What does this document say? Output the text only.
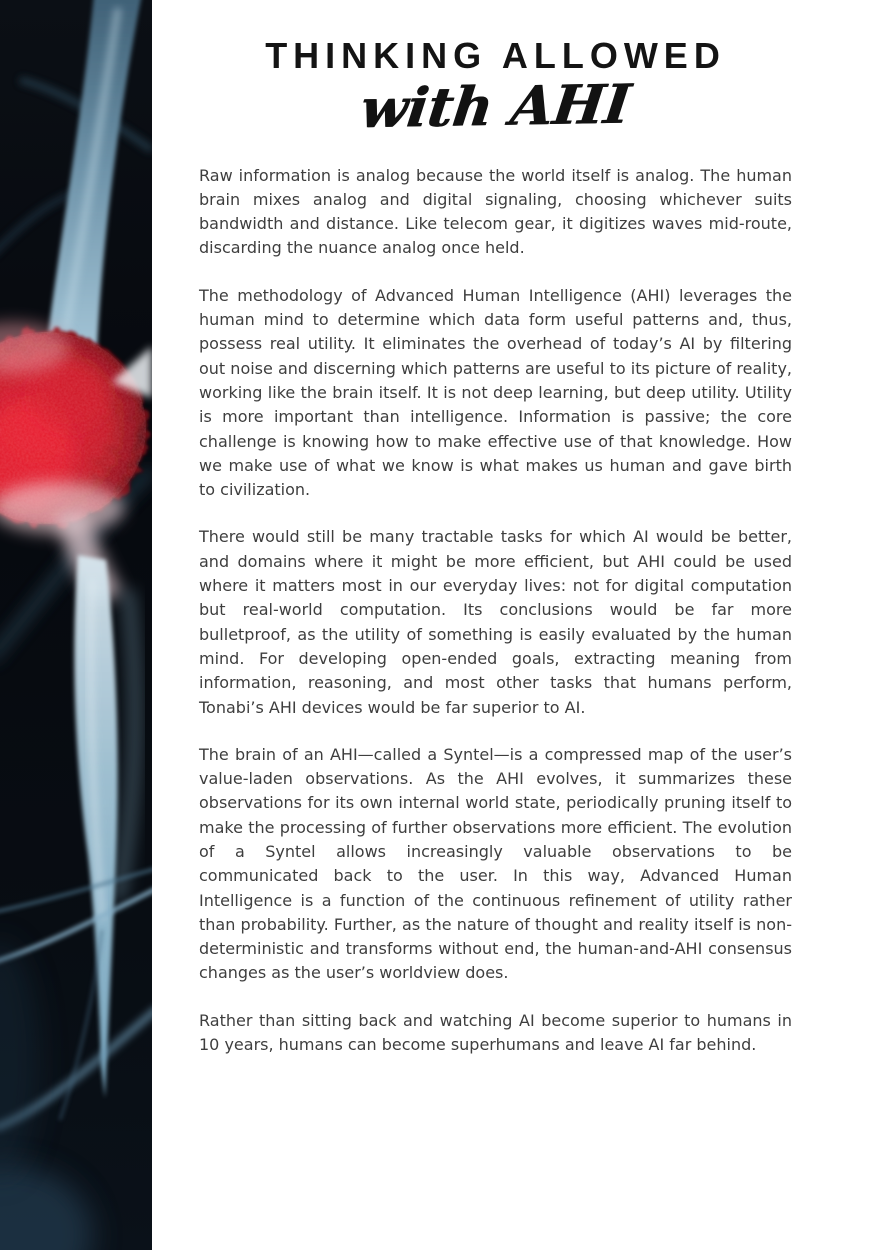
THINKING ALLOWED
with AHI

Raw information is analog because the world itself is analog. The human brain mixes analog and digital signaling, choosing whichever suits bandwidth and distance. Like telecom gear, it digitizes waves mid-route, discarding the nuance analog once held.

The methodology of Advanced Human Intelligence (AHI) leverages the human mind to determine which data form useful patterns and, thus, possess real utility. It eliminates the overhead of today’s AI by filtering out noise and discerning which patterns are useful to its picture of reality, working like the brain itself. It is not deep learning, but deep utility. Utility is more important than intelligence. Information is passive; the core challenge is knowing how to make effective use of that knowledge. How we make use of what we know is what makes us human and gave birth to civilization.

There would still be many tractable tasks for which AI would be better, and domains where it might be more efficient, but AHI could be used where it matters most in our everyday lives: not for digital computation but real-world computation. Its conclusions would be far more bulletproof, as the utility of something is easily evaluated by the human mind. For developing open-ended goals, extracting meaning from information, reasoning, and most other tasks that humans perform, Tonabi’s AHI devices would be far superior to AI.

The brain of an AHI—called a Syntel—is a compressed map of the user’s value-laden observations. As the AHI evolves, it summarizes these observations for its own internal world state, periodically pruning itself to make the processing of further observations more efficient. The evolution of a Syntel allows increasingly valuable observations to be communicated back to the user. In this way, Advanced Human Intelligence is a function of the continuous refinement of utility rather than probability. Further, as the nature of thought and reality itself is non-deterministic and transforms without end, the human-and-AHI consensus changes as the user’s worldview does.

Rather than sitting back and watching AI become superior to humans in 10 years, humans can become superhumans and leave AI far behind.
